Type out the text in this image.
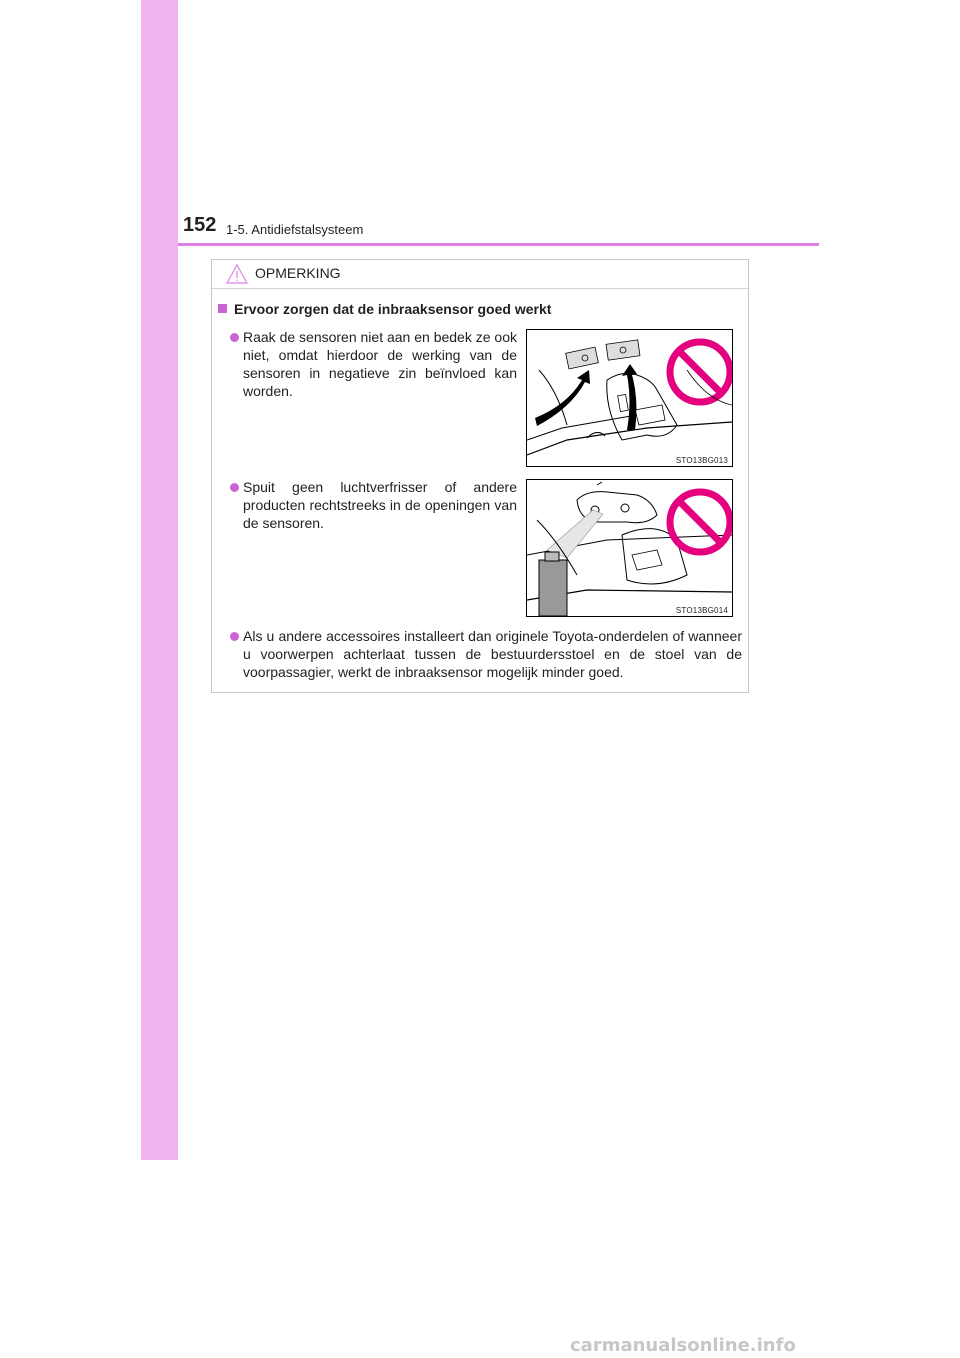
152 1-5. Antidiefstalsysteem
OPMERKING
Ervoor zorgen dat de inbraaksensor goed werkt
Raak de sensoren niet aan en bedek ze ook niet, omdat hierdoor de werking van de sensoren in negatieve zin beïnvloed kan worden.
STO13BG013
Spuit geen luchtverfrisser of andere producten rechtstreeks in de openingen van de sensoren.
STO13BG014
Als u andere accessoires installeert dan originele Toyota-onderdelen of wanneer u voorwerpen achterlaat tussen de bestuurdersstoel en de stoel van de voorpassagier, werkt de inbraaksensor mogelijk minder goed.
carmanualsonline.info
